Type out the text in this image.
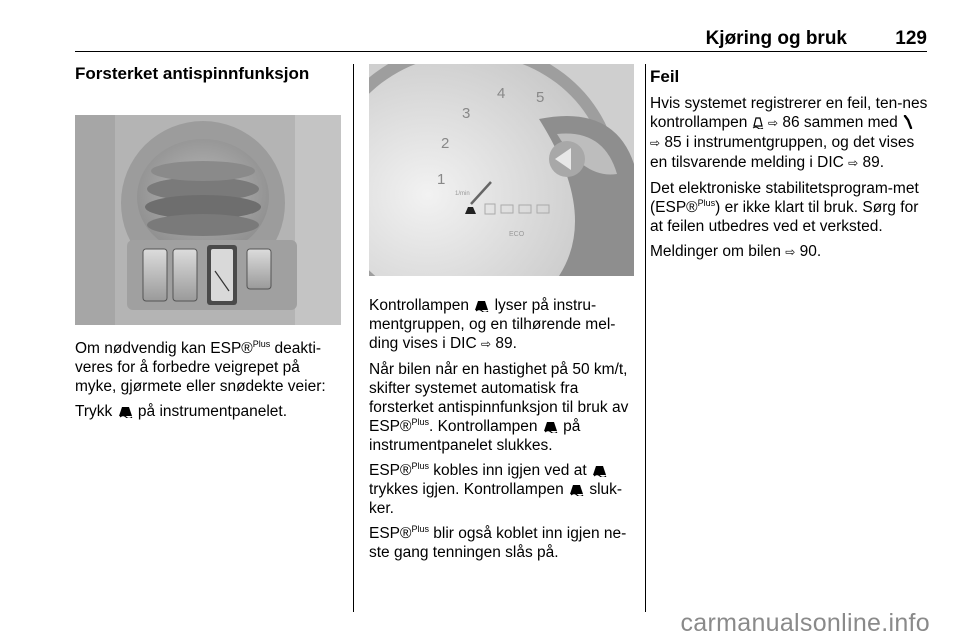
Kjøring og bruk	129
Forsterket antispinnfunksjon

Om nødvendig kan ESP®$^{Plus}$ deakti-veres for å forbedre veigrepet på myke, gjørmete eller snødekte veier:

Trykk  på instrumentpanelet.

1
2
3
4 5
1/min
ECO

Kontrollampen  lyser på instru-mentgruppen, og en tilhørende mel-ding vises i DIC ⇨ 89.

Når bilen når en hastighet på 50 km/t, skifter systemet automatisk fra forsterket antispinnfunksjon til bruk av ESP®$^{Plus}$. Kontrollampen  på instrumentpanelet slukkes.

ESP®$^{Plus}$ kobles inn igjen ved at  trykkes igjen. Kontrollampen  sluk-ker.

ESP®$^{Plus}$ blir også koblet inn igjen ne-ste gang tenningen slås på.

Feil

Hvis systemet registrerer en feil, ten-nes kontrollampen  ⇨ 86 sammen med  ⇨ 85 i instrumentgruppen, og det vises en tilsvarende melding i DIC ⇨ 89.

Det elektroniske stabilitetsprogram-met (ESP®$^{Plus}$) er ikke klart til bruk. Sørg for at feilen utbedres ved et verksted.

Meldinger om bilen ⇨ 90.

carmanualsonline.info
